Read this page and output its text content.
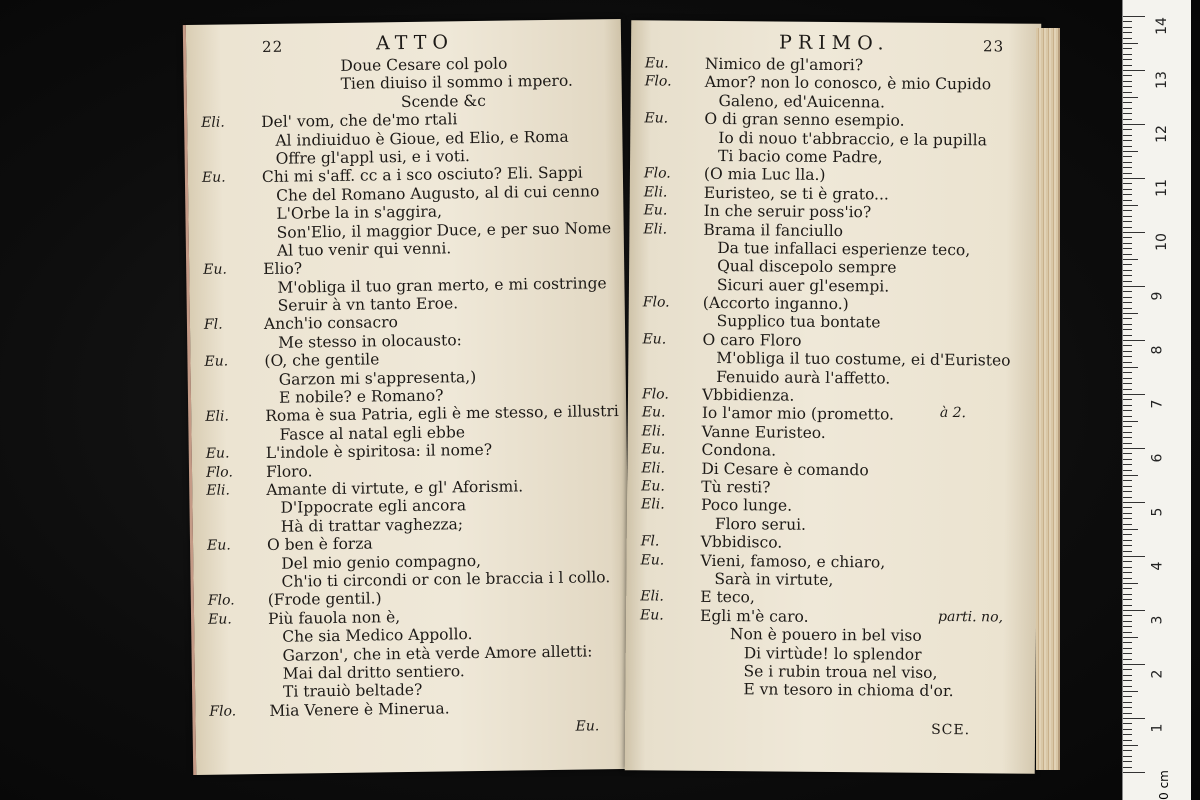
22	ATTO
Doue Cesare col polo
Tien diuiso il sommo i mpero.
Scende &c
Eli.	Del' vom, che de'mo rtali
Al indiuiduo è Gioue, ed Elio, e Roma
Offre gl'appl usi, e i voti.
Eu.	Chi mi s'aff. cc a i sco osciuto? Eli. Sappi
Che del Romano Augusto, al di cui cenno
L'Orbe la in s'aggira,
Son'Elio, il maggior Duce, e per suo Nome
Al tuo venir qui venni.
Eu.	Elio?
M'obliga il tuo gran merto, e mi costringe
Seruir à vn tanto Eroe.
Fl.	Anch'io consacro
Me stesso in olocausto:
Eu.	(O, che gentile
Garzon mi s'appresenta,)
E nobile? e Romano?
Eli.	Roma è sua Patria, egli è me stesso, e illustri
Fasce al natal egli ebbe
Eu.	L'indole è spiritosa: il nome?
Flo.	Floro.
Eli.	Amante di virtute, e gl' Aforismi.
D'Ippocrate egli ancora
Hà di trattar vaghezza;
Eu.	O ben è forza
Del mio genio compagno,
Ch'io ti circondi or con le braccia i l collo.
Flo.	(Frode gentil.)
Eu.	Più fauola non è,
Che sia Medico Appollo.
Garzon', che in età verde Amore alletti:
Mai dal dritto sentiero.
Ti trauiò beltade?
Flo.	Mia Venere è Minerua.
Eu.
PRIMO.	23
Eu.	Nimico de gl'amori?
Flo.	Amor? non lo conosco, è mio Cupido
Galeno, ed'Auicenna.
Eu.	O di gran senno esempio.
Io di nouo t'abbraccio, e la pupilla
Ti bacio come Padre,
Flo.	(O mia Luc lla.)
Eli.	Euristeo, se ti è grato...
Eu.	In che seruir poss'io?
Eli.	Brama il fanciullo
Da tue infallaci esperienze teco,
Qual discepolo sempre
Sicuri auer gl'esempi.
Flo.	(Accorto inganno.)
Supplico tua bontate
Eu.	O caro Floro
M'obliga il tuo costume, ei d'Euristeo
Fenuido aurà l'affetto.
Flo.	Vbbidienza.
Eu.	Io l'amor mio (prometto.
Eli.	Vanne Euristeo.
Eu.	Condona.
Eli.	Di Cesare è comando
Eu.	Tù resti?
Eli.	Poco lunge.
Floro serui.
Fl.	Vbbidisco.
Eu.	Vieni, famoso, e chiaro,
Sarà in virtute,
Eli.	E teco,
Eu.	Egli m'è caro.
Non è pouero in bel viso
Di virtùde! lo splendor
Se i rubin troua nel viso,
E vn tesoro in chioma d'or.
à 2.
parti. no,
SCE.
0 cm
14
13
12
11
10
9
8
7
6
5
4
3
2
1
